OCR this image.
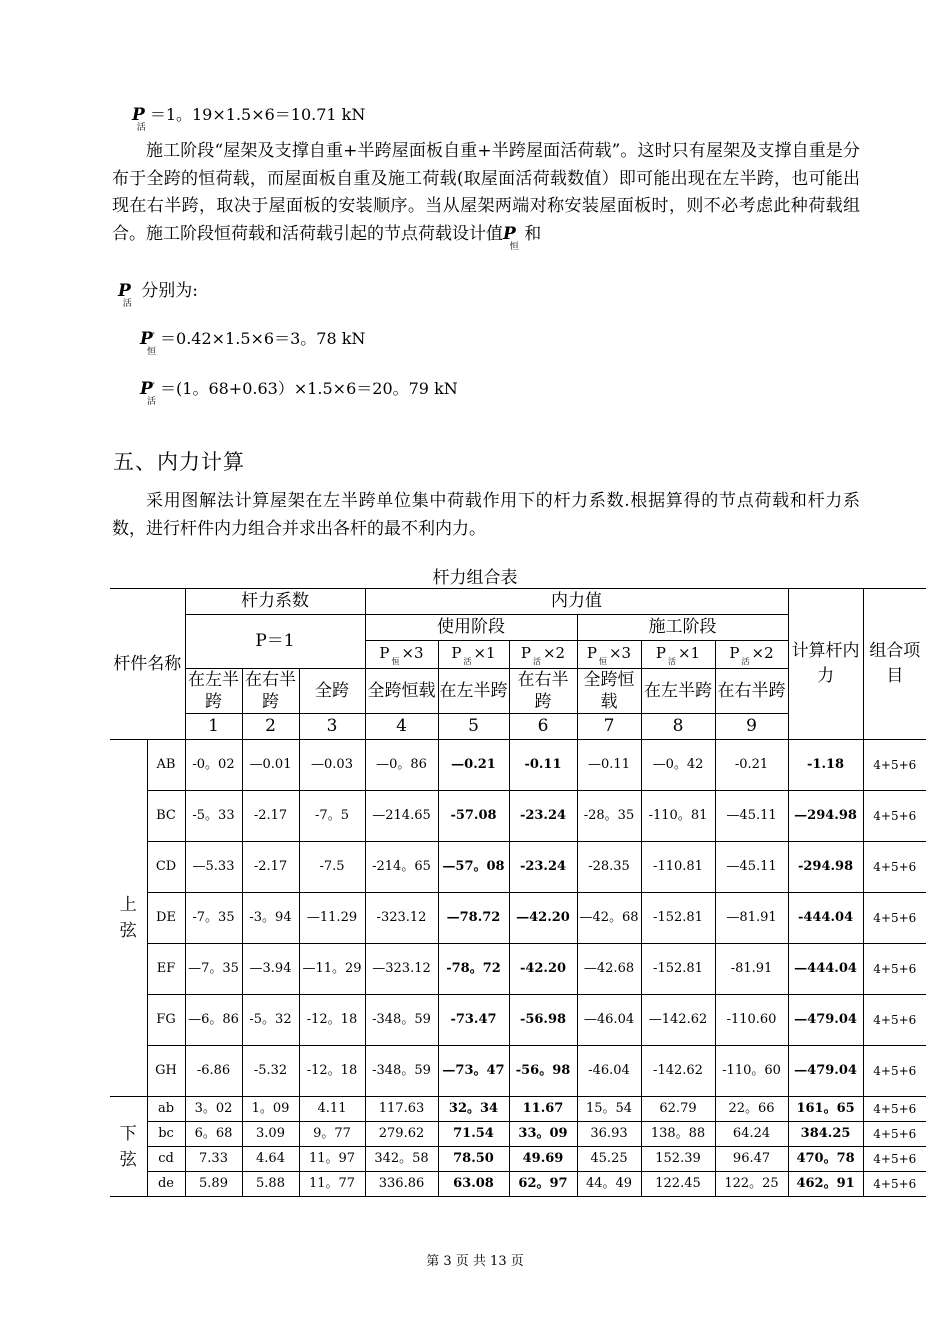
$P_活=1$。19×1.5×6＝10.71 kN
施工阶段“屋架及支撑自重+半跨屋面板自重+半跨屋面活荷载”。这时只有屋架及支撑自重是分布于全跨的恒荷载，而屋面板自重及施工荷载(取屋面活荷载数值）即可能出现在左半跨，也可能出现在右半跨，取决于屋面板的安装顺序。当从屋架两端对称安装屋面板时，则不必考虑此种荷载组合。施工阶段恒荷载和活荷载引起的节点荷载设计值$P_恒$ 和
$P_活$ 分别为:
$P'_恒=0.42\times 1.5\times 6=3$。78 kN
$P'_活=(1$。68+0.63）×1.5×6＝20。79 kN
五、内力计算
采用图解法计算屋架在左半跨单位集中荷载作用下的杆力系数.根据算得的节点荷载和杆力系数，进行杆件内力组合并求出各杆的最不利内力。
杆力组合表
杆件名称		杆力系数			内力值						计算杆内力	组合项目
		P＝1			使用阶段			施工阶段				
					P $_恒$ ×3	P $_活$ ×1	P $_活$ ×2	P $_恒$ ×3	P $_活$ ×1	P $_活$ ×2		
		在左半跨	在右半跨	全跨	全跨恒载	在左半跨	在右半跨	全跨恒载	在左半跨	在右半跨		
		1	2	3	4	5	6	7	8	9		
上弦	AB	-0。02	—0.01	—0.03	—0。86	—0.21	-0.11	—0.11	—0。42	-0.21	-1.18	4+5+6
	BC	-5。33	-2.17	-7。5	—214.65	-57.08	-23.24	-28。35	-110。81	—45.11	—294.98	4+5+6
	CD	—5.33	-2.17	-7.5	-214。65	—57。08	-23.24	-28.35	-110.81	—45.11	-294.98	4+5+6
	DE	-7。35	-3。94	—11.29	-323.12	—78.72	—42.20	—42。68	-152.81	—81.91	-444.04	4+5+6
	EF	—7。35	—3.94	—11。29	—323.12	-78。72	-42.20	—42.68	-152.81	-81.91	—444.04	4+5+6
	FG	—6。86	-5。32	-12。18	-348。59	-73.47	-56.98	—46.04	—142.62	-110.60	—479.04	4+5+6
	GH	-6.86	-5.32	-12。18	-348。59	—73。47	-56。98	-46.04	-142.62	-110。60	—479.04	4+5+6
下弦	ab	3。02	1。09	4.11	117.63	32。34	11.67	15。54	62.79	22。66	161。65	4+5+6
	bc	6。68	3.09	9。77	279.62	71.54	33。09	36.93	138。88	64.24	384.25	4+5+6
	cd	7.33	4.64	11。97	342。58	78.50	49.69	45.25	152.39	96.47	470。78	4+5+6
	de	5.89	5.88	11。77	336.86	63.08	62。97	44。49	122.45	122。25	462。91	4+5+6
第 3 页 共 13 页
